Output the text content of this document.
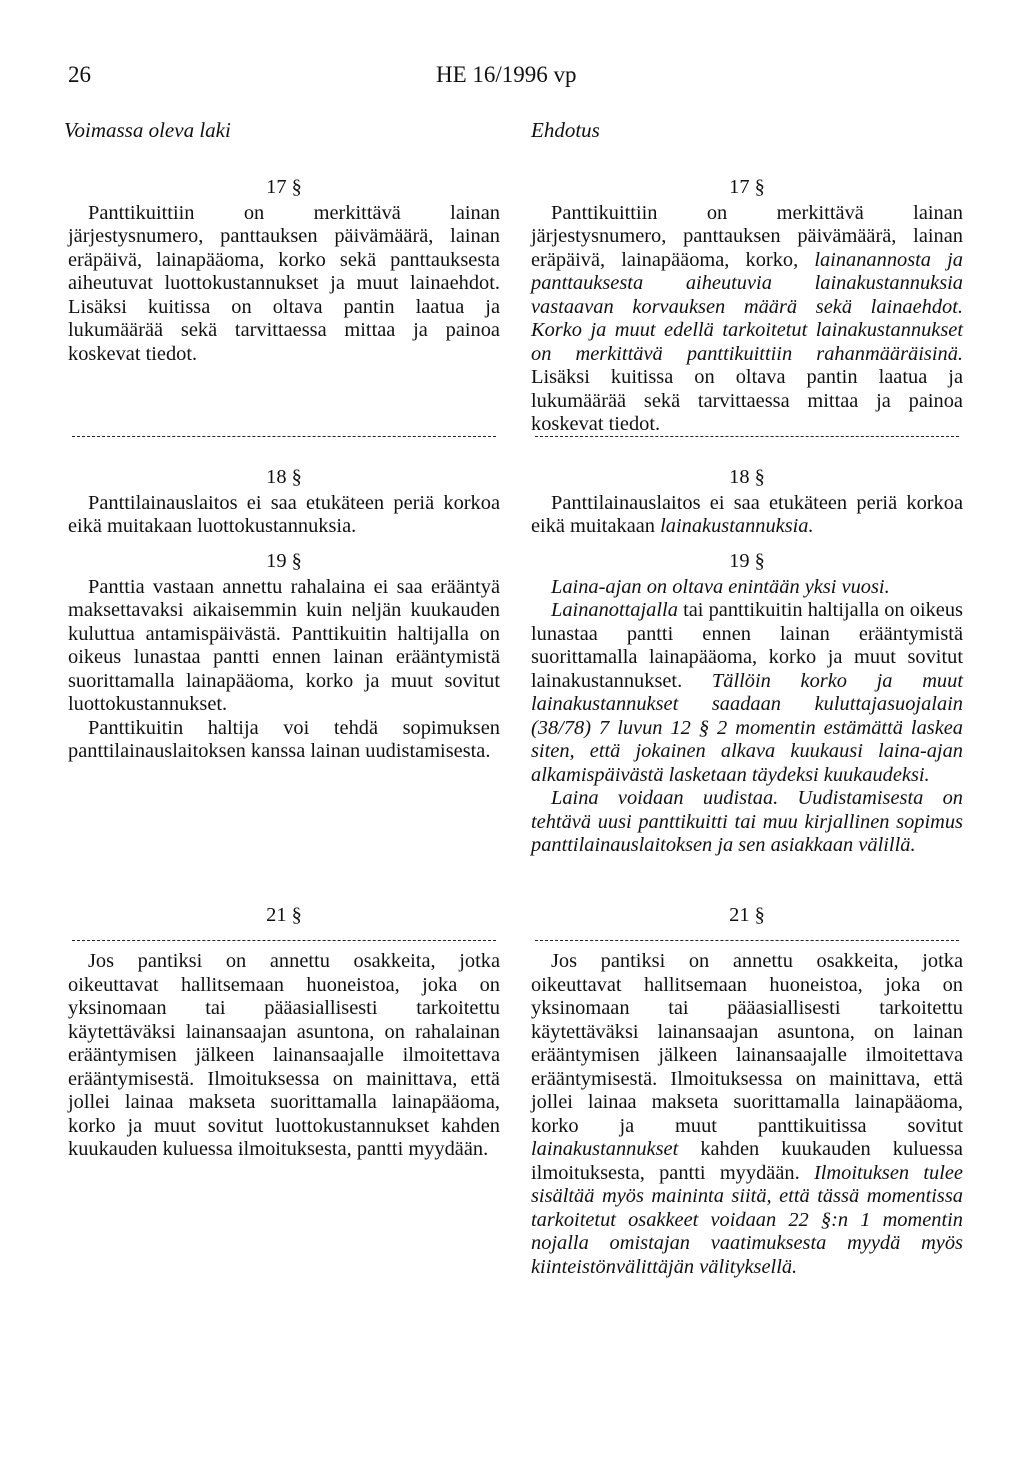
26	HE 16/1996 vp
Voimassa oleva laki	Ehdotus
17 §

Panttikuittiin on merkittävä lainan järjestysnumero, panttauksen päivämäärä, lainan eräpäivä, lainapääoma, korko sekä panttauksesta aiheutuvat luottokustannukset ja muut lainaehdot. Lisäksi kuitissa on oltava pantin laatua ja lukumäärää sekä tarvittaessa mittaa ja painoa koskevat tiedot.

18 §

Panttilainauslaitos ei saa etukäteen periä korkoa eikä muitakaan luottokustannuksia.

19 §

Panttia vastaan annettu rahalaina ei saa erääntyä maksettavaksi aikaisemmin kuin neljän kuukauden kuluttua antamispäivästä. Panttikuitin haltijalla on oikeus lunastaa pantti ennen lainan erääntymistä suorittamalla lainapääoma, korko ja muut sovitut luottokustannukset.

Panttikuitin haltija voi tehdä sopimuksen panttilainauslaitoksen kanssa lainan uudistamisesta.

21 §

Jos pantiksi on annettu osakkeita, jotka oikeuttavat hallitsemaan huoneistoa, joka on yksinomaan tai pääasiallisesti tarkoitettu käytettäväksi lainansaajan asuntona, on rahalainan erääntymisen jälkeen lainansaajalle ilmoitettava erääntymisestä. Ilmoituksessa on mainittava, että jollei lainaa makseta suorittamalla lainapääoma, korko ja muut sovitut luottokustannukset kahden kuukauden kuluessa ilmoituksesta, pantti myydään.

17 §

Panttikuittiin on merkittävä lainan järjestysnumero, panttauksen päivämäärä, lainan eräpäivä, lainapääoma, korko, lainanannosta ja panttauksesta aiheutuvia lainakustannuksia vastaavan korvauksen määrä sekä lainaehdot. Korko ja muut edellä tarkoitetut lainakustannukset on merkittävä panttikuittiin rahanmääräisinä. Lisäksi kuitissa on oltava pantin laatua ja lukumäärää sekä tarvittaessa mittaa ja painoa koskevat tiedot.

18 §

Panttilainauslaitos ei saa etukäteen periä korkoa eikä muitakaan lainakustannuksia.

19 §

Laina-ajan on oltava enintään yksi vuosi.

Lainanottajalla tai panttikuitin haltijalla on oikeus lunastaa pantti ennen lainan erääntymistä suorittamalla lainapääoma, korko ja muut sovitut lainakustannukset. Tällöin korko ja muut lainakustannukset saadaan kuluttajasuojalain (38/78) 7 luvun 12 § 2 momentin estämättä laskea siten, että jokainen alkava kuukausi laina-ajan alkamispäivästä lasketaan täydeksi kuukaudeksi.

Laina voidaan uudistaa. Uudistamisesta on tehtävä uusi panttikuitti tai muu kirjallinen sopimus panttilainauslaitoksen ja sen asiakkaan välillä.

21 §

Jos pantiksi on annettu osakkeita, jotka oikeuttavat hallitsemaan huoneistoa, joka on yksinomaan tai pääasiallisesti tarkoitettu käytettäväksi lainansaajan asuntona, on lainan erääntymisen jälkeen lainansaajalle ilmoitettava erääntymisestä. Ilmoituksessa on mainittava, että jollei lainaa makseta suorittamalla lainapääoma, korko ja muut panttikuitissa sovitut lainakustannukset kahden kuukauden kuluessa ilmoituksesta, pantti myydään. Ilmoituksen tulee sisältää myös maininta siitä, että tässä momentissa tarkoitetut osakkeet voidaan 22 §:n 1 momentin nojalla omistajan vaatimuksesta myydä myös kiinteistönvälittäjän välityksellä.
